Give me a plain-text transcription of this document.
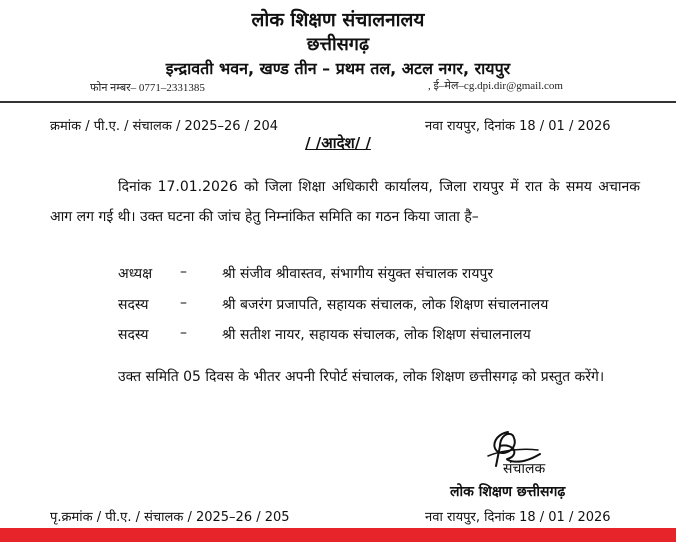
लोक शिक्षण संचालनालय
छत्तीसगढ़
इन्द्रावती भवन, खण्ड तीन – प्रथम तल, अटल नगर, रायपुर
फोन नम्बर– 0771–2331385	, ई–मेल–cg.dpi.dir@gmail.com
क्रमांक / पी.ए. / संचालक / 2025–26 / 204	नवा रायपुर, दिनांक 18 / 01 / 2026
/ /आदेश/ /
दिनांक 17.01.2026 को जिला शिक्षा अधिकारी कार्यालय, जिला रायपुर में रात के समय अचानक आग लग गई थी। उक्त घटना की जांच हेतु निम्नांकित समिति का गठन किया जाता है–
अध्यक्ष –	श्री संजीव श्रीवास्तव, संभागीय संयुक्त संचालक रायपुर
सदस्य –	श्री बजरंग प्रजापति, सहायक संचालक, लोक शिक्षण संचालनालय
सदस्य –	श्री सतीश नायर, सहायक संचालक, लोक शिक्षण संचालनालय
उक्त समिति 05 दिवस के भीतर अपनी रिपोर्ट संचालक, लोक शिक्षण छत्तीसगढ़ को प्रस्तुत करेंगे।
संचालक
लोक शिक्षण छत्तीसगढ़
पृ.क्रमांक / पी.ए. / संचालक / 2025–26 / 205	नवा रायपुर, दिनांक 18 / 01 / 2026
